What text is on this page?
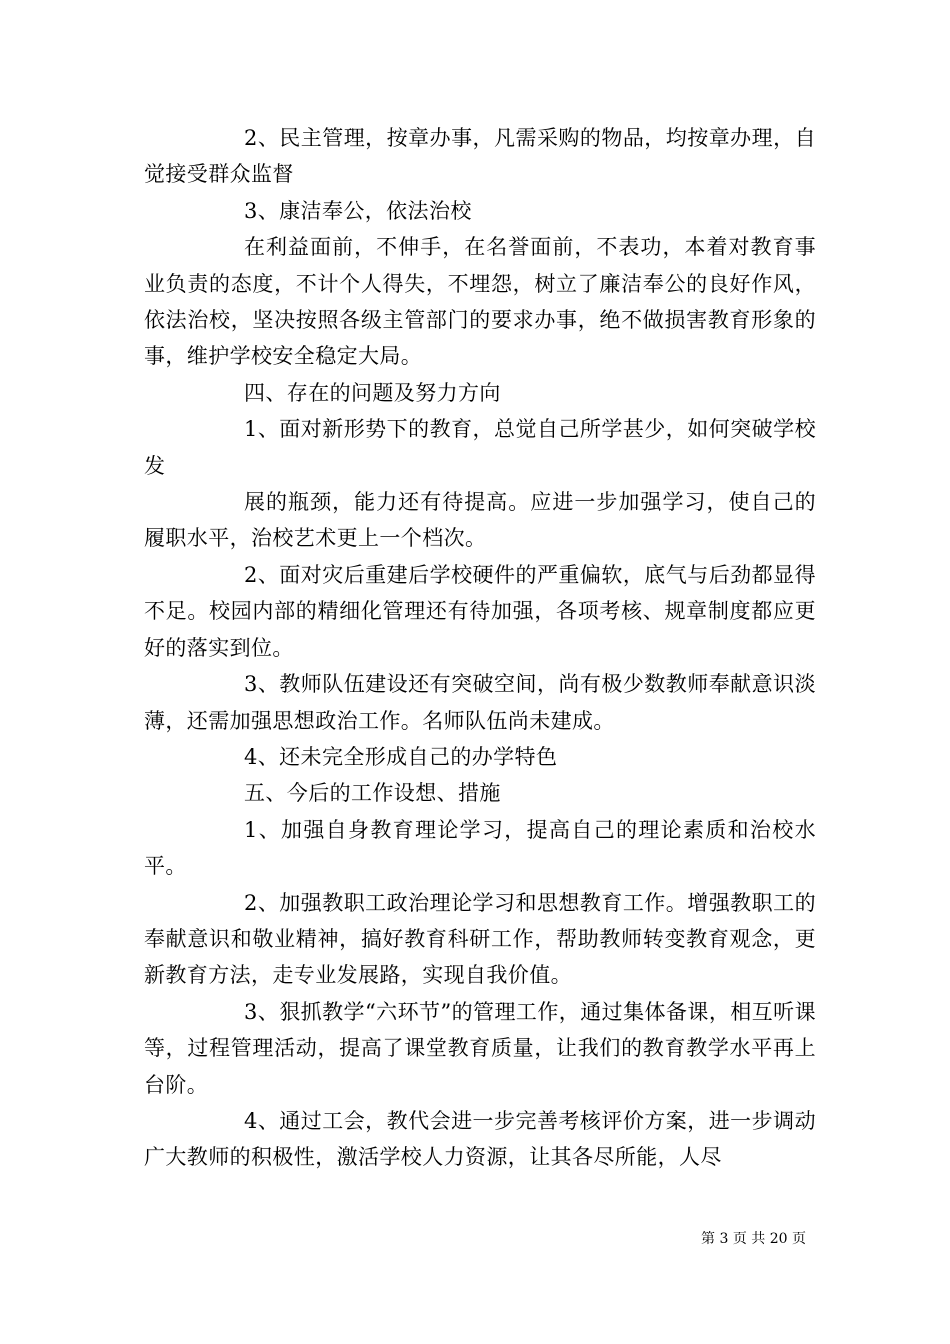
2、民主管理，按章办事，凡需采购的物品，均按章办理，自觉接受群众监督

3、康洁奉公，依法治校

在利益面前，不伸手，在名誉面前，不表功，本着对教育事业负责的态度，不计个人得失，不埋怨，树立了廉洁奉公的良好作风，依法治校，坚决按照各级主管部门的要求办事，绝不做损害教育形象的事，维护学校安全稳定大局。

四、存在的问题及努力方向

1、面对新形势下的教育，总觉自己所学甚少，如何突破学校发

展的瓶颈，能力还有待提高。应进一步加强学习，使自己的履职水平，治校艺术更上一个档次。

2、面对灾后重建后学校硬件的严重偏软，底气与后劲都显得不足。校园内部的精细化管理还有待加强，各项考核、规章制度都应更好的落实到位。

3、教师队伍建设还有突破空间，尚有极少数教师奉献意识淡薄，还需加强思想政治工作。名师队伍尚未建成。

4、还未完全形成自己的办学特色

五、今后的工作设想、措施

1、加强自身教育理论学习，提高自己的理论素质和治校水平。

2、加强教职工政治理论学习和思想教育工作。增强教职工的奉献意识和敬业精神，搞好教育科研工作，帮助教师转变教育观念，更新教育方法，走专业发展路，实现自我价值。

3、狠抓教学“六环节”的管理工作，通过集体备课，相互听课等，过程管理活动，提高了课堂教育质量，让我们的教育教学水平再上台阶。

4、通过工会，教代会进一步完善考核评价方案，进一步调动广大教师的积极性，激活学校人力资源，让其各尽所能，人尽

第 3 页 共 20 页
